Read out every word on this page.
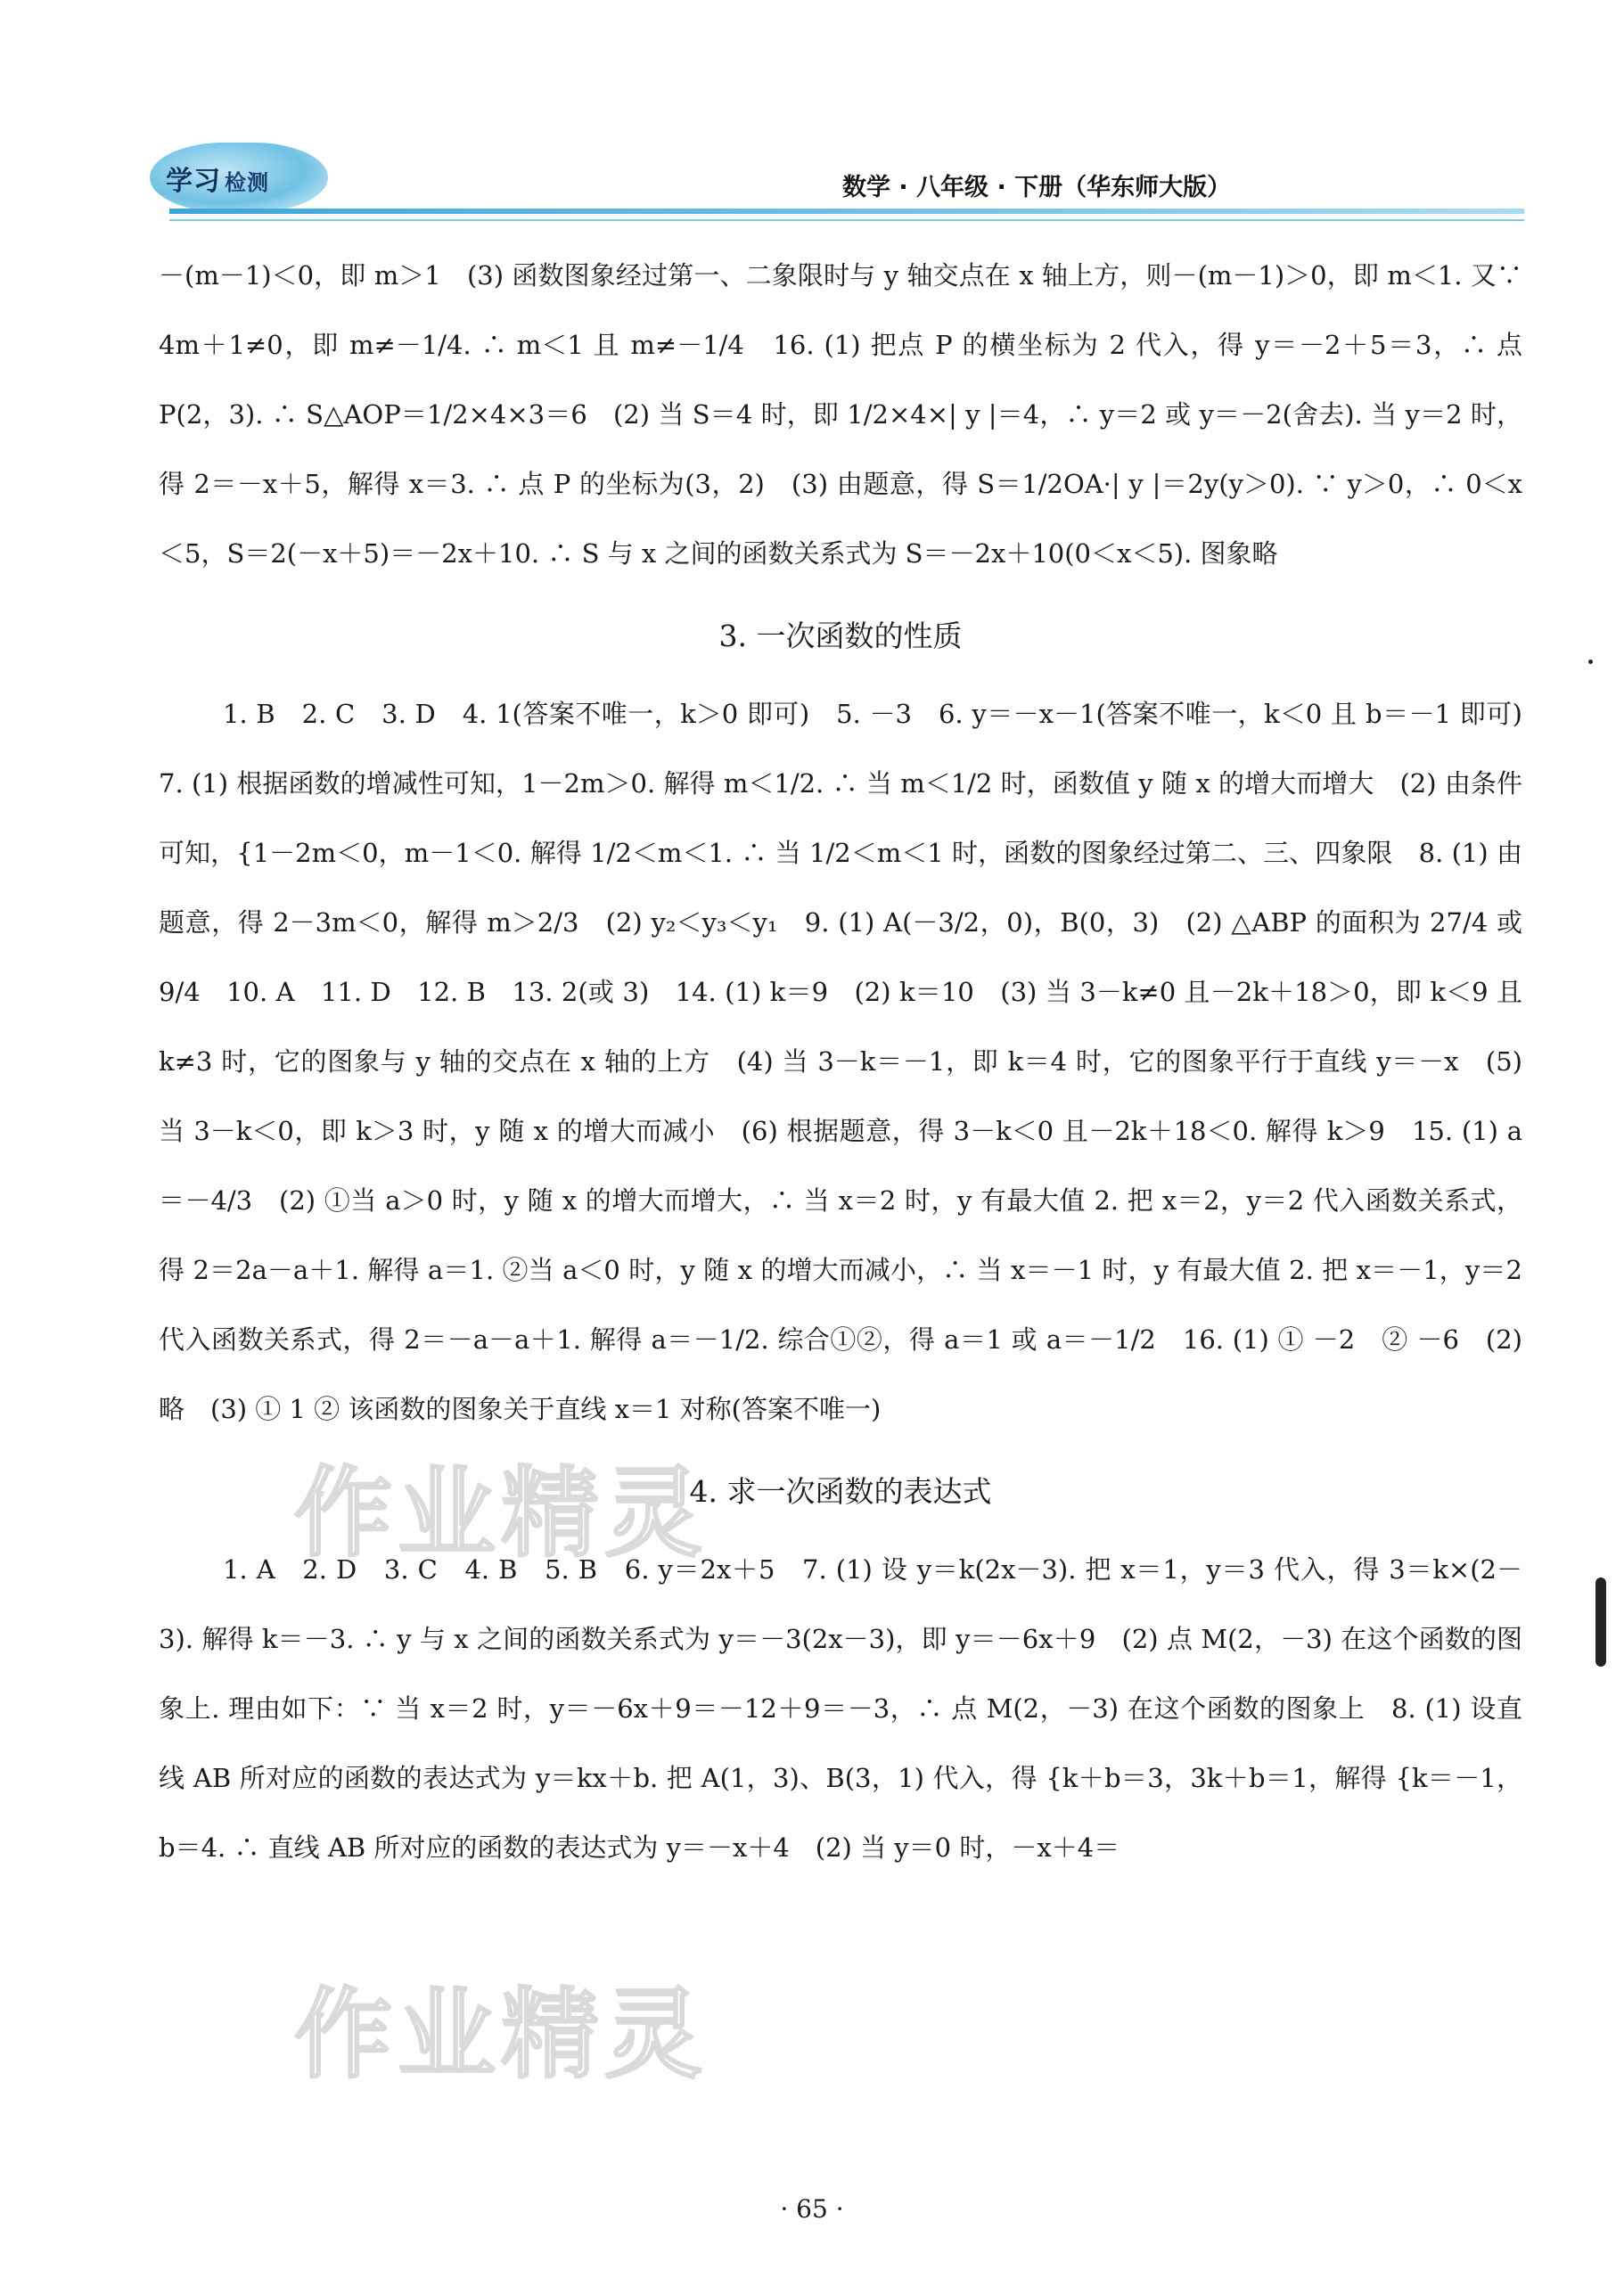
学习 检测	数学 · 八年级 · 下册（华东师大版）

－(m－1)＜0，即 m＞1　(3) 函数图象经过第一、二象限时与 y 轴交点在 x 轴上方，则－(m－1)＞0，即 m＜1. 又∵ 4m＋1≠0，即 m≠－1/4. ∴ m＜1 且 m≠－1/4　16. (1) 把点 P 的横坐标为 2 代入，得 y＝－2＋5＝3，∴ 点 P(2，3). ∴ S△AOP＝1/2×4×3＝6　(2) 当 S＝4 时，即 1/2×4×| y |＝4，∴ y＝2 或 y＝－2(舍去). 当 y＝2 时，得 2＝－x＋5，解得 x＝3. ∴ 点 P 的坐标为(3，2)　(3) 由题意，得 S＝1/2OA·| y |＝2y(y＞0). ∵ y＞0，∴ 0＜x＜5，S＝2(－x＋5)＝－2x＋10. ∴ S 与 x 之间的函数关系式为 S＝－2x＋10(0＜x＜5). 图象略

3. 一次函数的性质

1. B　2. C　3. D　4. 1(答案不唯一，k＞0 即可)　5. －3　6. y＝－x－1(答案不唯一，k＜0 且 b＝－1 即可)　7. (1) 根据函数的增减性可知，1－2m＞0. 解得 m＜1/2. ∴ 当 m＜1/2 时，函数值 y 随 x 的增大而增大　(2) 由条件可知，{1－2m＜0，m－1＜0. 解得 1/2＜m＜1. ∴ 当 1/2＜m＜1 时，函数的图象经过第二、三、四象限　8. (1) 由题意，得 2－3m＜0，解得 m＞2/3　(2) y₂＜y₃＜y₁　9. (1) A(－3/2，0)，B(0，3)　(2) △ABP 的面积为 27/4 或 9/4　10. A　11. D　12. B　13. 2(或 3)　14. (1) k＝9　(2) k＝10　(3) 当 3－k≠0 且－2k＋18＞0，即 k＜9 且 k≠3 时，它的图象与 y 轴的交点在 x 轴的上方　(4) 当 3－k＝－1，即 k＝4 时，它的图象平行于直线 y＝－x　(5) 当 3－k＜0，即 k＞3 时，y 随 x 的增大而减小　(6) 根据题意，得 3－k＜0 且－2k＋18＜0. 解得 k＞9　15. (1) a＝－4/3　(2) ①当 a＞0 时，y 随 x 的增大而增大，∴ 当 x＝2 时，y 有最大值 2. 把 x＝2，y＝2 代入函数关系式，得 2＝2a－a＋1. 解得 a＝1. ②当 a＜0 时，y 随 x 的增大而减小，∴ 当 x＝－1 时，y 有最大值 2. 把 x＝－1，y＝2 代入函数关系式，得 2＝－a－a＋1. 解得 a＝－1/2. 综合①②，得 a＝1 或 a＝－1/2　16. (1) ① －2　② －6　(2) 略　(3) ① 1 ② 该函数的图象关于直线 x＝1 对称(答案不唯一)

4. 求一次函数的表达式

1. A　2. D　3. C　4. B　5. B　6. y＝2x＋5　7. (1) 设 y＝k(2x－3). 把 x＝1，y＝3 代入，得 3＝k×(2－3). 解得 k＝－3. ∴ y 与 x 之间的函数关系式为 y＝－3(2x－3)，即 y＝－6x＋9　(2) 点 M(2，－3) 在这个函数的图象上. 理由如下：∵ 当 x＝2 时，y＝－6x＋9＝－12＋9＝－3，∴ 点 M(2，－3) 在这个函数的图象上　8. (1) 设直线 AB 所对应的函数的表达式为 y＝kx＋b. 把 A(1，3)、B(3，1) 代入，得 {k＋b＝3，3k＋b＝1，解得 {k＝－1，b＝4. ∴ 直线 AB 所对应的函数的表达式为 y＝－x＋4　(2) 当 y＝0 时，－x＋4＝

作业精灵
作业精灵
· 65 ·
